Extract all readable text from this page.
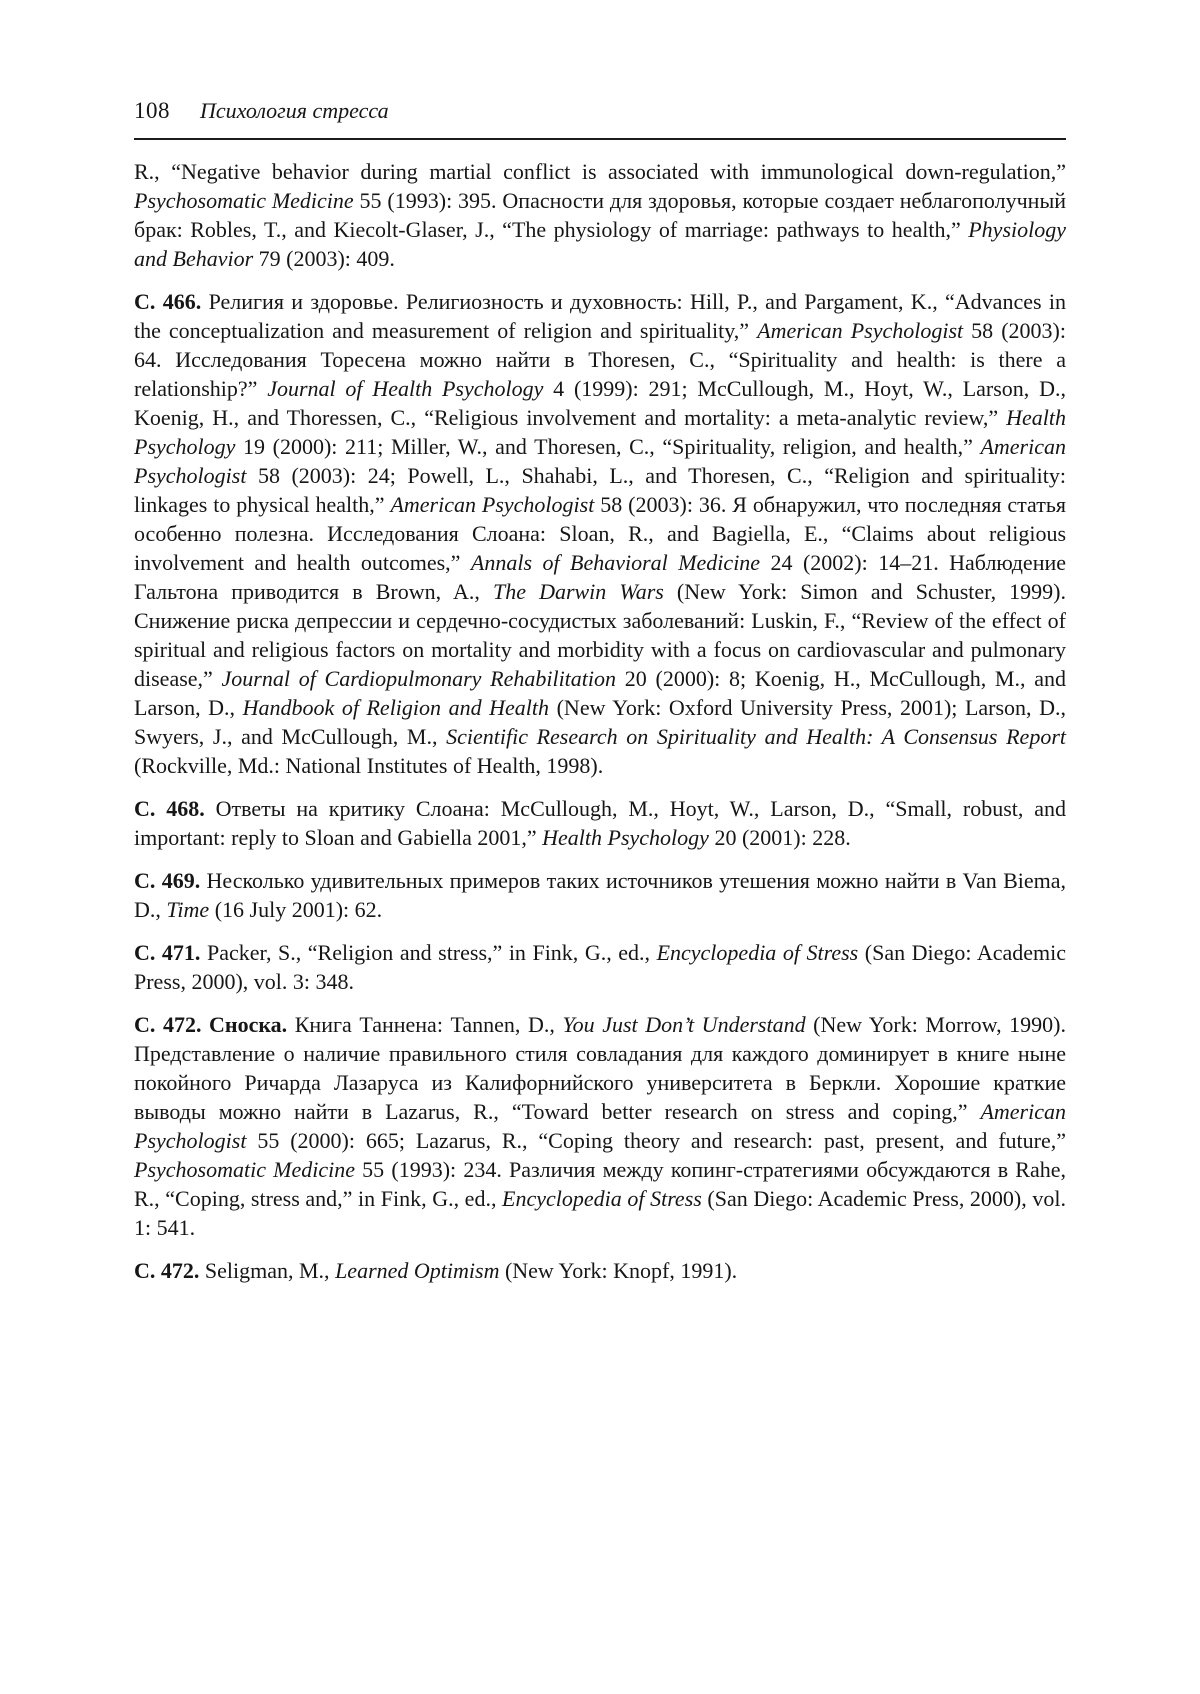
108 Психология стресса

R., “Negative behavior during martial conflict is associated with immunological down-regulation,” Psychosomatic Medicine 55 (1993): 395. Опасности для здоровья, которые создает неблагополучный брак: Robles, T., and Kiecolt-Glaser, J., “The physiology of marriage: pathways to health,” Physiology and Behavior 79 (2003): 409.

С. 466. Религия и здоровье. Религиозность и духовность: Hill, P., and Pargament, K., “Advances in the conceptualization and measurement of religion and spirituality,” American Psychologist 58 (2003): 64. Исследования Торесена можно найти в Thoresen, C., “Spirituality and health: is there a relationship?” Journal of Health Psychology 4 (1999): 291; McCullough, M., Hoyt, W., Larson, D., Koenig, H., and Thoressen, C., “Religious involvement and mortality: a meta-analytic review,” Health Psychology 19 (2000): 211; Miller, W., and Thoresen, C., “Spirituality, religion, and health,” American Psychologist 58 (2003): 24; Powell, L., Shahabi, L., and Thoresen, C., “Religion and spirituality: linkages to physical health,” American Psychologist 58 (2003): 36. Я обнаружил, что последняя статья особенно полезна. Исследования Слоана: Sloan, R., and Bagiella, E., “Claims about religious involvement and health outcomes,” Annals of Behavioral Medicine 24 (2002): 14–21. Наблюдение Гальтона приводится в Brown, A., The Darwin Wars (New York: Simon and Schuster, 1999). Снижение риска депрессии и сердечно-сосудистых заболеваний: Luskin, F., “Review of the effect of spiritual and religious factors on mortality and morbidity with a focus on cardiovascular and pulmonary disease,” Journal of Cardiopulmonary Rehabilitation 20 (2000): 8; Koenig, H., McCullough, M., and Larson, D., Handbook of Religion and Health (New York: Oxford University Press, 2001); Larson, D., Swyers, J., and McCullough, M., Scientific Research on Spirituality and Health: A Consensus Report (Rockville, Md.: National Institutes of Health, 1998).

С. 468. Ответы на критику Слоана: McCullough, M., Hoyt, W., Larson, D., “Small, robust, and important: reply to Sloan and Gabiella 2001,” Health Psychology 20 (2001): 228.

С. 469. Несколько удивительных примеров таких источников утешения можно найти в Van Biema, D., Time (16 July 2001): 62.

С. 471. Packer, S., “Religion and stress,” in Fink, G., ed., Encyclopedia of Stress (San Diego: Academic Press, 2000), vol. 3: 348.

С. 472. Сноска. Книга Таннена: Tannen, D., You Just Don’t Understand (New York: Morrow, 1990). Представление о наличие правильного стиля совладания для каждого доминирует в книге ныне покойного Ричарда Лазаруса из Калифорнийского университета в Беркли. Хорошие краткие выводы можно найти в Lazarus, R., “Toward better research on stress and coping,” American Psychologist 55 (2000): 665; Lazarus, R., “Coping theory and research: past, present, and future,” Psychosomatic Medicine 55 (1993): 234. Различия между копинг-стратегиями обсуждаются в Rahe, R., “Coping, stress and,” in Fink, G., ed., Encyclopedia of Stress (San Diego: Academic Press, 2000), vol. 1: 541.

С. 472. Seligman, M., Learned Optimism (New York: Knopf, 1991).
